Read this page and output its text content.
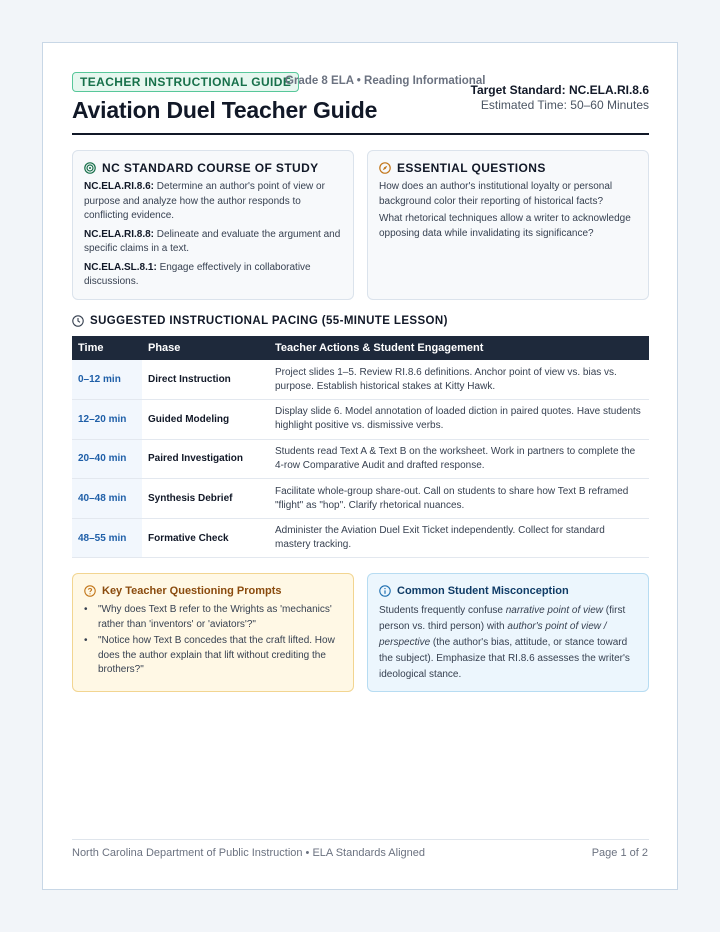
TEACHER INSTRUCTIONAL GUIDE
Grade 8 ELA • Reading Informational
Aviation Duel Teacher Guide
Target Standard: NC.ELA.RI.8.6
Estimated Time: 50–60 Minutes
NC STANDARD COURSE OF STUDY

NC.ELA.RI.8.6: Determine an author's point of view or purpose and analyze how the author responds to conflicting evidence.

NC.ELA.RI.8.8: Delineate and evaluate the argument and specific claims in a text.

NC.ELA.SL.8.1: Engage effectively in collaborative discussions.

ESSENTIAL QUESTIONS

How does an author's institutional loyalty or personal background color their reporting of historical facts?

What rhetorical techniques allow a writer to acknowledge opposing data while invalidating its significance?

SUGGESTED INSTRUCTIONAL PACING (55-MINUTE LESSON)
Time	Phase	Teacher Actions & Student Engagement
0–12 min	Direct Instruction	Project slides 1–5. Review RI.8.6 definitions. Anchor point of view vs. bias vs. purpose. Establish historical stakes at Kitty Hawk.
12–20 min	Guided Modeling	Display slide 6. Model annotation of loaded diction in paired quotes. Have students highlight positive vs. dismissive verbs.
20–40 min	Paired Investigation	Students read Text A & Text B on the worksheet. Work in partners to complete the 4-row Comparative Audit and drafted response.
40–48 min	Synthesis Debrief	Facilitate whole-group share-out. Call on students to share how Text B reframed "flight" as "hop". Clarify rhetorical nuances.
48–55 min	Formative Check	Administer the Aviation Duel Exit Ticket independently. Collect for standard mastery tracking.
Key Teacher Questioning Prompts
• "Why does Text B refer to the Wrights as 'mechanics' rather than 'inventors' or 'aviators'?"
• "Notice how Text B concedes that the craft lifted. How does the author explain that lift without crediting the brothers?"
Common Student Misconception
Students frequently confuse narrative point of view (first person vs. third person) with author's point of view / perspective (the author's bias, attitude, or stance toward the subject). Emphasize that RI.8.6 assesses the writer's ideological stance.
North Carolina Department of Public Instruction • ELA Standards Aligned	Page 1 of 2
